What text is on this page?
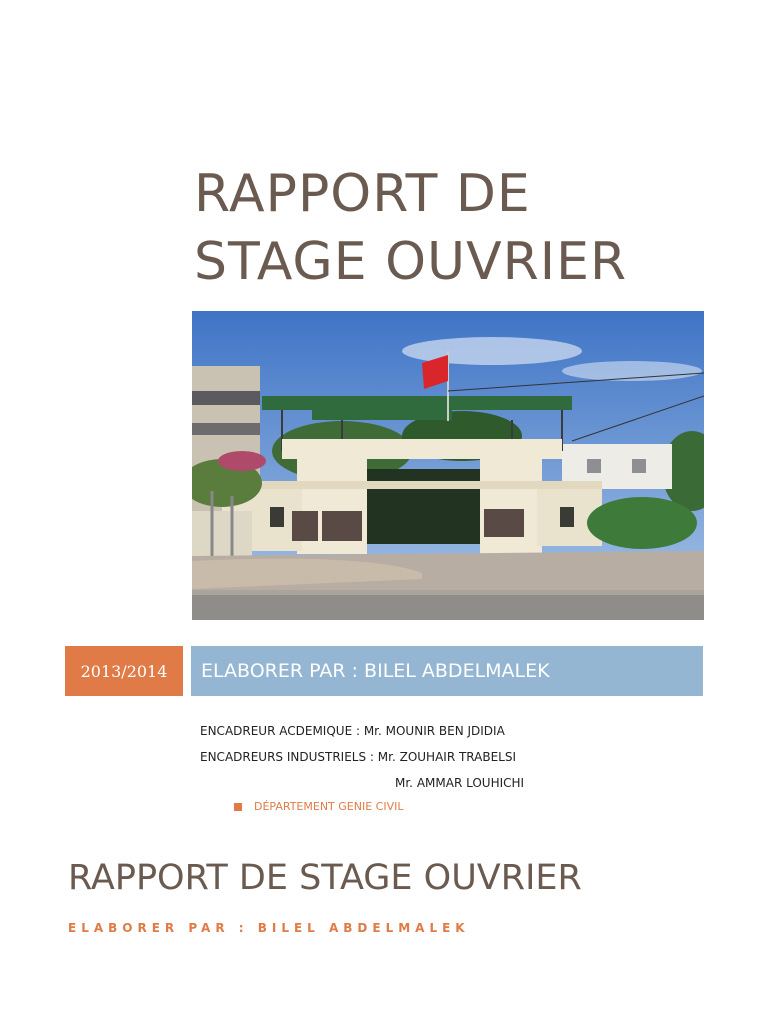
RAPPORT DE STAGE OUVRIER
2013/2014	ELABORER PAR : BILEL ABDELMALEK
ENCADREUR ACDEMIQUE : Mr. MOUNIR BEN JDIDIA
ENCADREURS INDUSTRIELS : Mr. ZOUHAIR TRABELSI
Mr. AMMAR LOUHICHI
DÉPARTEMENT GENIE CIVIL
RAPPORT DE STAGE OUVRIER
ELABORER PAR : BILEL ABDELMALEK
